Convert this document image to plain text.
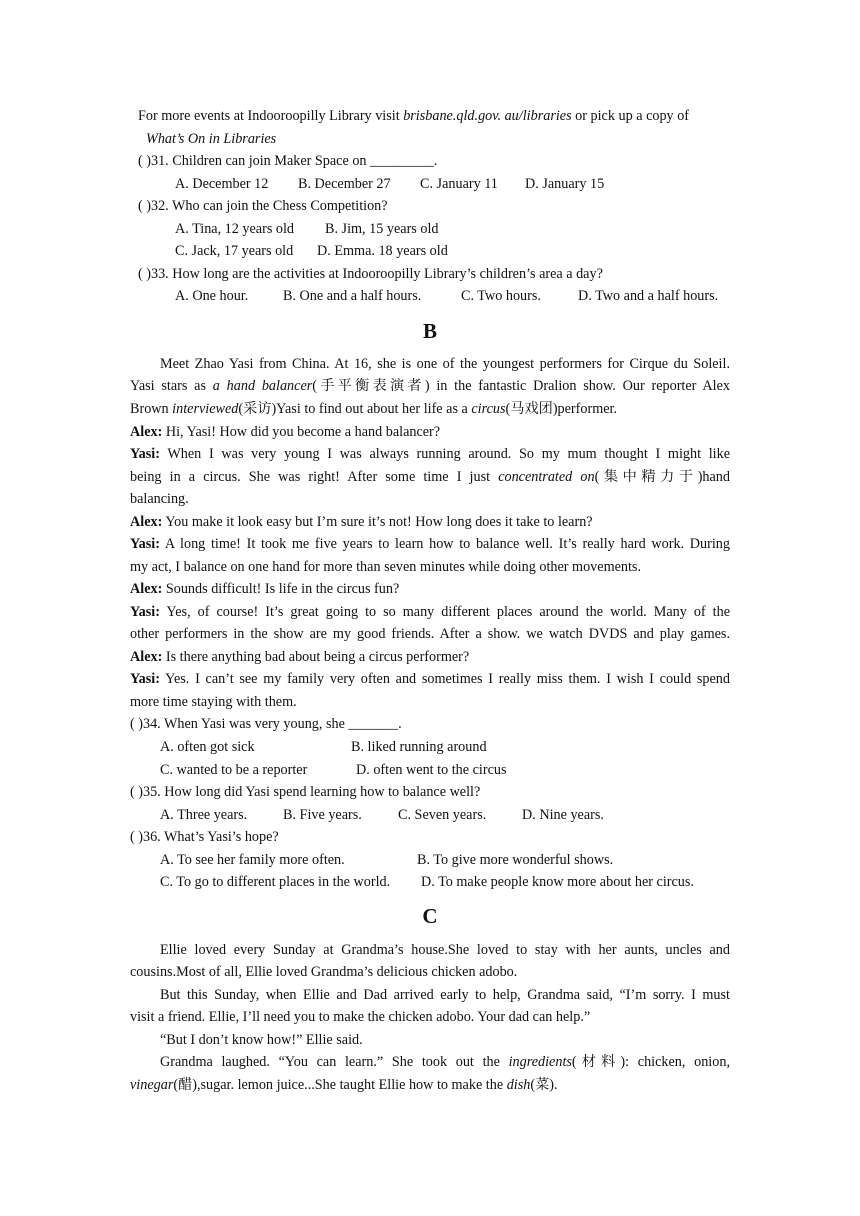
For more events at Indooroopilly Library visit brisbane.qld.gov. au/libraries or pick up a copy of
What’s On in Libraries
( )31. Children can join Maker Space on _________.
A. December 12 B. December 27 C. January 11 D. January 15
( )32. Who can join the Chess Competition?
A. Tina, 12 years old B. Jim, 15 years old
C. Jack, 17 years old D. Emma. 18 years old
( )33. How long are the activities at Indooroopilly Library’s children’s area a day?
A. One hour. B. One and a half hours.	C. Two hours.	D. Two and a half hours.
B
Meet Zhao Yasi from China. At 16, she is one of the youngest performers for Cirque du Soleil.
Yasi stars as a hand balancer(手平衡表演者) in the fantastic Dralion show. Our reporter Alex
Brown interviewed(采访)Yasi to find out about her life as a circus(马戏团)performer.
Alex: Hi, Yasi! How did you become a hand balancer?
Yasi: When I was very young I was always running around. So my mum thought I might like
being in a circus. She was right! After some time I just concentrated on(集中精力于)hand
balancing.
Alex: You make it look easy but I’m sure it’s not! How long does it take to learn?
Yasi: A long time! It took me five years to learn how to balance well. It’s really hard work. During
my act, I balance on one hand for more than seven minutes while doing other movements.
Alex: Sounds difficult! Is life in the circus fun?
Yasi: Yes, of course! It’s great going to so many different places around the world. Many of the
other performers in the show are my good friends. After a show. we watch DVDS and play games.
Alex: Is there anything bad about being a circus performer?
Yasi: Yes. I can’t see my family very often and sometimes I really miss them. I wish I could spend
more time staying with them.
( )34. When Yasi was very young, she _______.
A. often got sick	B. liked running around
C. wanted to be a reporter	D. often went to the circus
( )35. How long did Yasi spend learning how to balance well?
A. Three years.	B. Five years.	C. Seven years.	D. Nine years.
( )36. What’s Yasi’s hope?
A. To see her family more often.	B. To give more wonderful shows.
C. To go to different places in the world. D. To make people know more about her circus.
C
Ellie loved every Sunday at Grandma’s house.She loved to stay with her aunts, uncles and
cousins.Most of all, Ellie loved Grandma’s delicious chicken adobo.
But this Sunday, when Ellie and Dad arrived early to help, Grandma said, “I’m sorry. I must
visit a friend. Ellie, I’ll need you to make the chicken adobo. Your dad can help.”
“But I don’t know how!” Ellie said.
Grandma laughed. “You can learn.” She took out the ingredients(材料): chicken, onion,
vinegar(醋),sugar. lemon juice...She taught Ellie how to make the dish(菜).
